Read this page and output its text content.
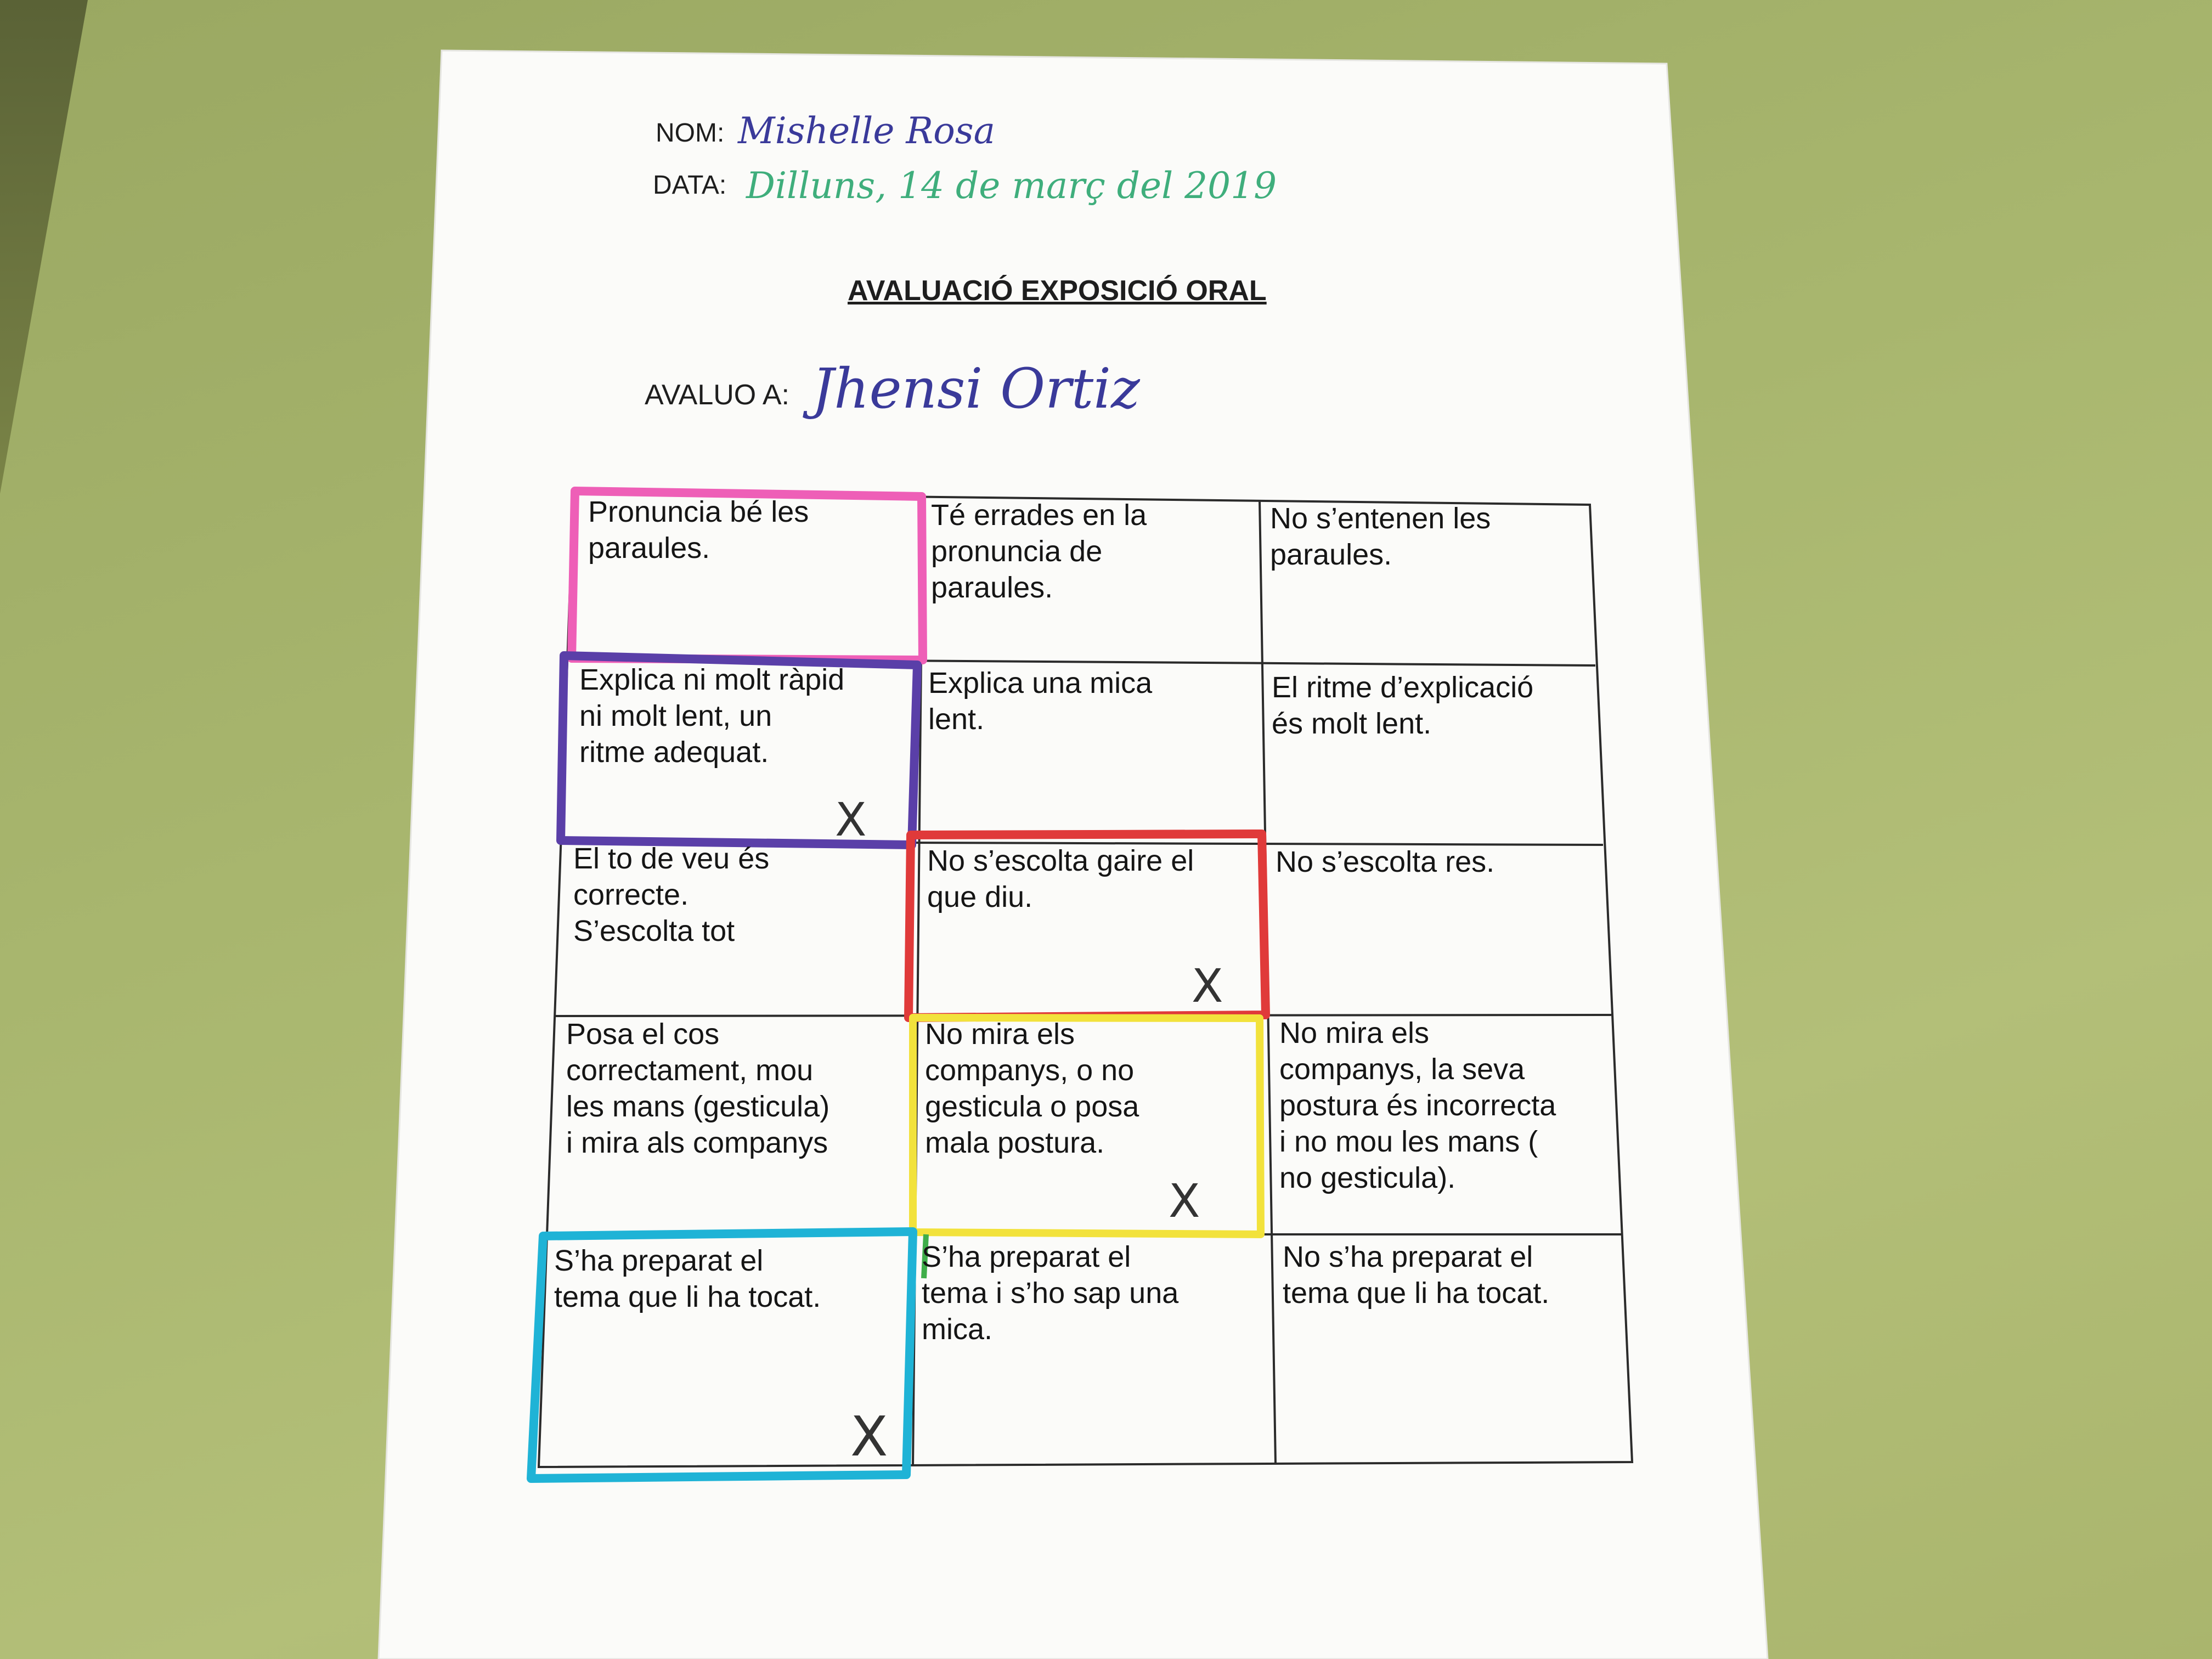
NOM: Mishelle Rosa
DATA: Dilluns, 14 de març del 2019
AVALUACIÓ EXPOSICIÓ ORAL
AVALUO A: Jhensi Ortiz
Pronuncia bé les
paraules.
Té errades en la
pronuncia de
paraules.
No s’entenen les
paraules.
Explica ni molt ràpid
ni molt lent, un
ritme adequat.
Explica una mica
lent.
El ritme d’explicació
és molt lent.
X
El to de veu és
correcte.
S’escolta tot
No s’escolta gaire el
que diu.
No s’escolta res.
X
Posa el cos
correctament, mou
les mans (gesticula)
i mira als companys
No mira els
companys, o no
gesticula o posa
mala postura.
No mira els
companys, la seva
postura és incorrecta
i no mou les mans (
no gesticula).
X
S’ha preparat el
tema que li ha tocat.
S’ha preparat el
tema i s’ho sap una
mica.
No s’ha preparat el
tema que li ha tocat.
X
